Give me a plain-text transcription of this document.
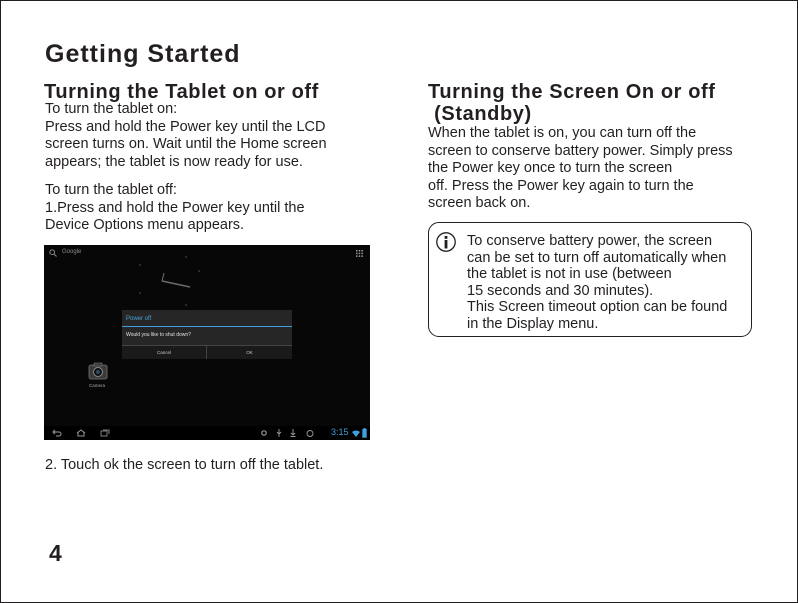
Getting Started
Turning the Tablet on or off
To turn the tablet on:
Press and hold the Power key until the LCD
screen turns on. Wait until the Home screen
appears; the tablet is now ready for use.
To turn the tablet off:
1.Press and hold the Power key until the
Device Options menu appears.
Google
Power off
Would you like to shut down?
Cancel	OK
Camera
3:15
2. Touch ok the screen to turn off the tablet.
Turning the Screen On or off
(Standby)
When the tablet is on, you can turn off the
screen to conserve battery power. Simply press
the Power key once to turn the screen
off. Press the Power key again to turn the
screen back on.
To conserve battery power, the screen
can be set to turn off automatically when
the tablet is not in use (between
15 seconds and 30 minutes).
This Screen timeout option can be found
in the Display menu.
4
